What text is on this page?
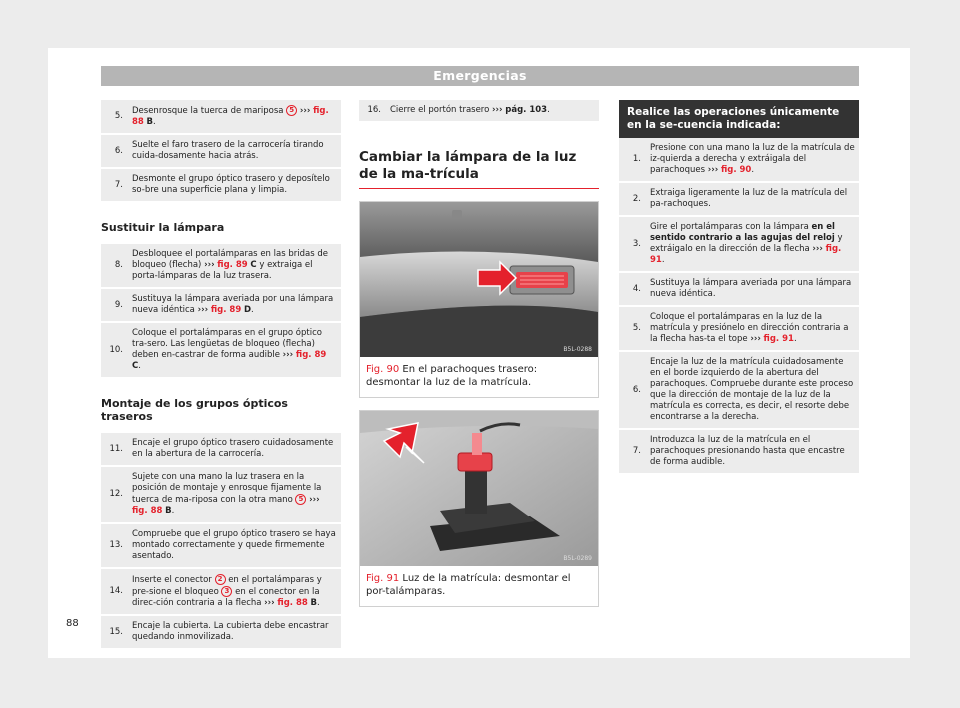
Emergencias
5.	Desenrosque la tuerca de mariposa 5 ››› fig. 88 B.
6.	Suelte el faro trasero de la carrocería tirando cuida-dosamente hacia atrás.
7.	Desmonte el grupo óptico trasero y deposítelo so-bre una superficie plana y limpia.
Sustituir la lámpara
8.	Desbloquee el portalámparas en las bridas de bloqueo (flecha) ››› fig. 89 C y extraiga el porta-lámparas de la luz trasera.
9.	Sustituya la lámpara averiada por una lámpara nueva idéntica ››› fig. 89 D.
10.	Coloque el portalámparas en el grupo óptico tra-sero. Las lengüetas de bloqueo (flecha) deben en-castrar de forma audible ››› fig. 89 C.
Montaje de los grupos ópticos traseros
11.	Encaje el grupo óptico trasero cuidadosamente en la abertura de la carrocería.
12.	Sujete con una mano la luz trasera en la posición de montaje y enrosque fijamente la tuerca de ma-riposa con la otra mano 5 ››› fig. 88 B.
13.	Compruebe que el grupo óptico trasero se haya montado correctamente y quede firmemente asentado.
14.	Inserte el conector 2 en el portalámparas y pre-sione el bloqueo 3 en el conector en la direc-ción contraria a la flecha ››› fig. 88 B.
15.	Encaje la cubierta. La cubierta debe encastrar quedando inmovilizada.
16.	Cierre el portón trasero ››› pág. 103.
Cambiar la lámpara de la luz de la ma-trícula
B5L-0288
Fig. 90 En el parachoques trasero: desmontar la luz de la matrícula.
B5L-0289
Fig. 91 Luz de la matrícula: desmontar el por-talámparas.
Realice las operaciones únicamente en la se-cuencia indicada:
1.	Presione con una mano la luz de la matrícula de iz-quierda a derecha y extráigala del parachoques ››› fig. 90.
2.	Extraiga ligeramente la luz de la matrícula del pa-rachoques.
3.	Gire el portalámparas con la lámpara en el sentido contrario a las agujas del reloj y extráigalo en la dirección de la flecha ››› fig. 91.
4.	Sustituya la lámpara averiada por una lámpara nueva idéntica.
5.	Coloque el portalámparas en la luz de la matrícula y presiónelo en dirección contraria a la flecha has-ta el tope ››› fig. 91.
6.	Encaje la luz de la matrícula cuidadosamente en el borde izquierdo de la abertura del parachoques. Compruebe durante este proceso que la dirección de montaje de la luz de la matrícula es correcta, es decir, el resorte debe encontrarse a la derecha.
7.	Introduzca la luz de la matrícula en el parachoques presionando hasta que encastre de forma audible.
88
